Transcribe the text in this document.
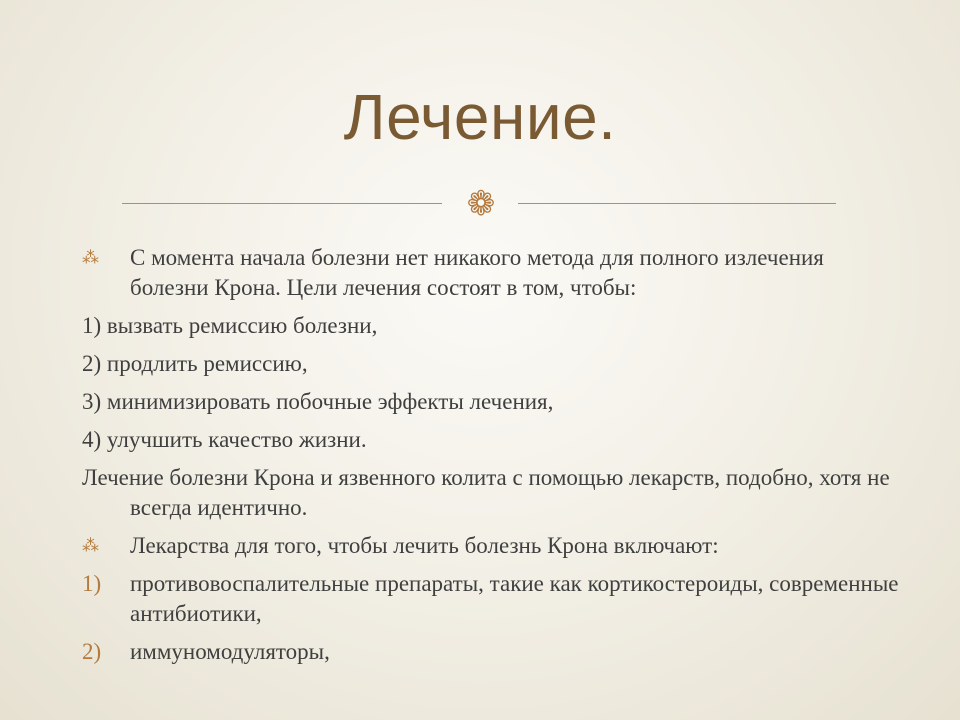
Лечение.
❁
⁂	С момента начала болезни нет никакого метода для полного излечения болезни Крона. Цели лечения состоят в том, чтобы:
1) вызвать ремиссию болезни,
2) продлить ремиссию,
3) минимизировать побочные эффекты лечения,
4) улучшить качество жизни.
Лечение болезни Крона и язвенного колита с помощью лекарств, подобно, хотя не всегда идентично.
⁂	Лекарства для того, чтобы лечить болезнь Крона включают:
1)	противовоспалительные препараты, такие как кортикостероиды, современные антибиотики,
2)	иммуномодуляторы,
